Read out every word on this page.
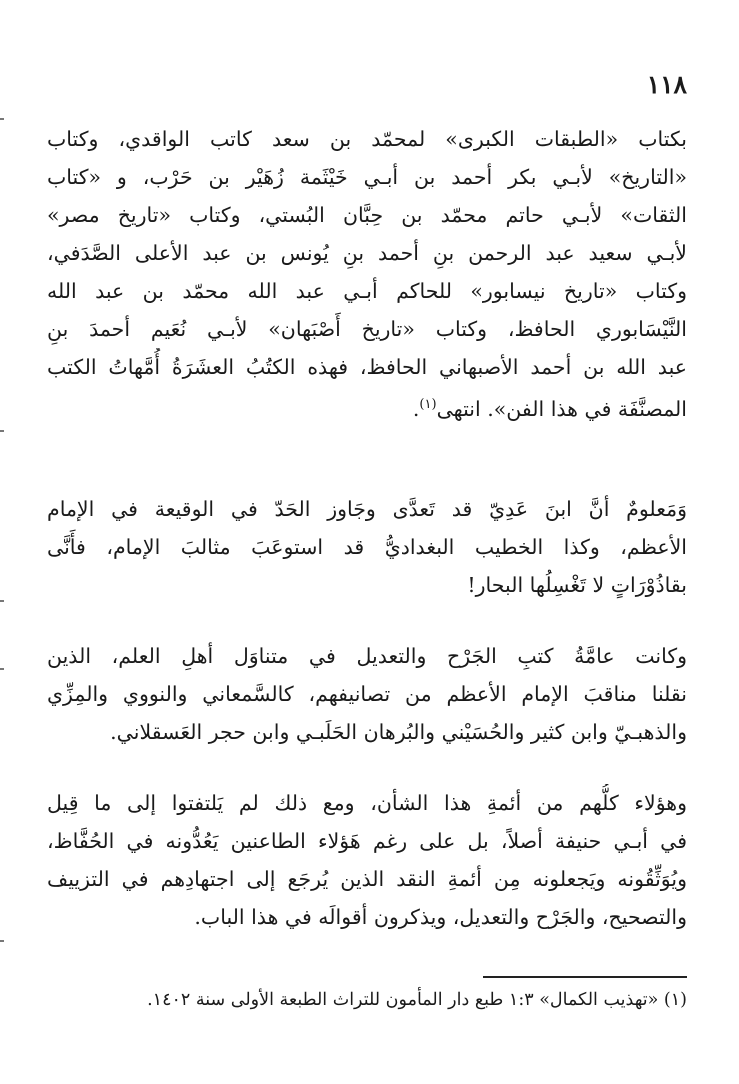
١١٨
بكتاب «الطبقات الكبرى» لمحمّد بن سعد كاتب الواقدي، وكتاب
«التاريخ» لأبـي بكر أحمد بن أبـي خَيْثَمة زُهَيْر بن حَرْب، و «كتاب
الثقات» لأبـي حاتم محمّد بن حِبَّان البُستي، وكتاب «تاريخ مصر»
لأبـي سعيد عبد الرحمن بنِ أحمد بنِ يُونس بن عبد الأعلى الصَّدَفي،
وكتاب «تاريخ نيسابور» للحاكم أبـي عبد الله محمّد بن عبد الله
النَّيْسَابوري الحافظ، وكتاب «تاريخ أَصْبَهان» لأبـي نُعَيم أحمدَ بنِ
عبد الله بن أحمد الأصبهاني الحافظ، فهذه الكتُبُ العشَرَةُ أُمَّهاتُ الكتب
المصنَّفَة في هذا الفن». انتهى$^{(١)}$.
وَمَعلومٌ أنَّ ابنَ عَدِيّ قد تَعدَّى وجَاوز الحَدّ في الوقيعة في الإمام
الأعظم، وكذا الخطيب البغداديُّ قد استوعَبَ مثالبَ الإمام، فأَنَّى
بقاذُوْرَاتٍ لا تَغْسِلُها البحار!
وكانت عامَّةُ كتبِ الجَرْح والتعديل في متناوَل أهلِ العلم، الذين
نقلنا مناقبَ الإمام الأعظم من تصانيفهم، كالسَّمعاني والنووي والمِزِّي
والذهبـيّ وابن كثير والحُسَيْني والبُرهان الحَلَبـي وابن حجر العَسقلاني.
وهؤلاء كلُّهم من أئمةِ هذا الشأن، ومع ذلك لم يَلتفتوا إلى ما قِيل
في أبـي حنيفة أصلاً، بل على رغم هَؤلاء الطاعنين يَعُدُّونه في الحُفَّاظ،
ويُوَثِّقُونه ويَجعلونه مِن أئمةِ النقد الذين يُرجَع إلى اجتهادِهم في التزييف
والتصحيح، والجَرْح والتعديل، ويذكرون أقوالَه في هذا الباب.
(١) «تهذيب الكمال» ١:٣ طبع دار المأمون للتراث الطبعة الأولى سنة ١٤٠٢.
